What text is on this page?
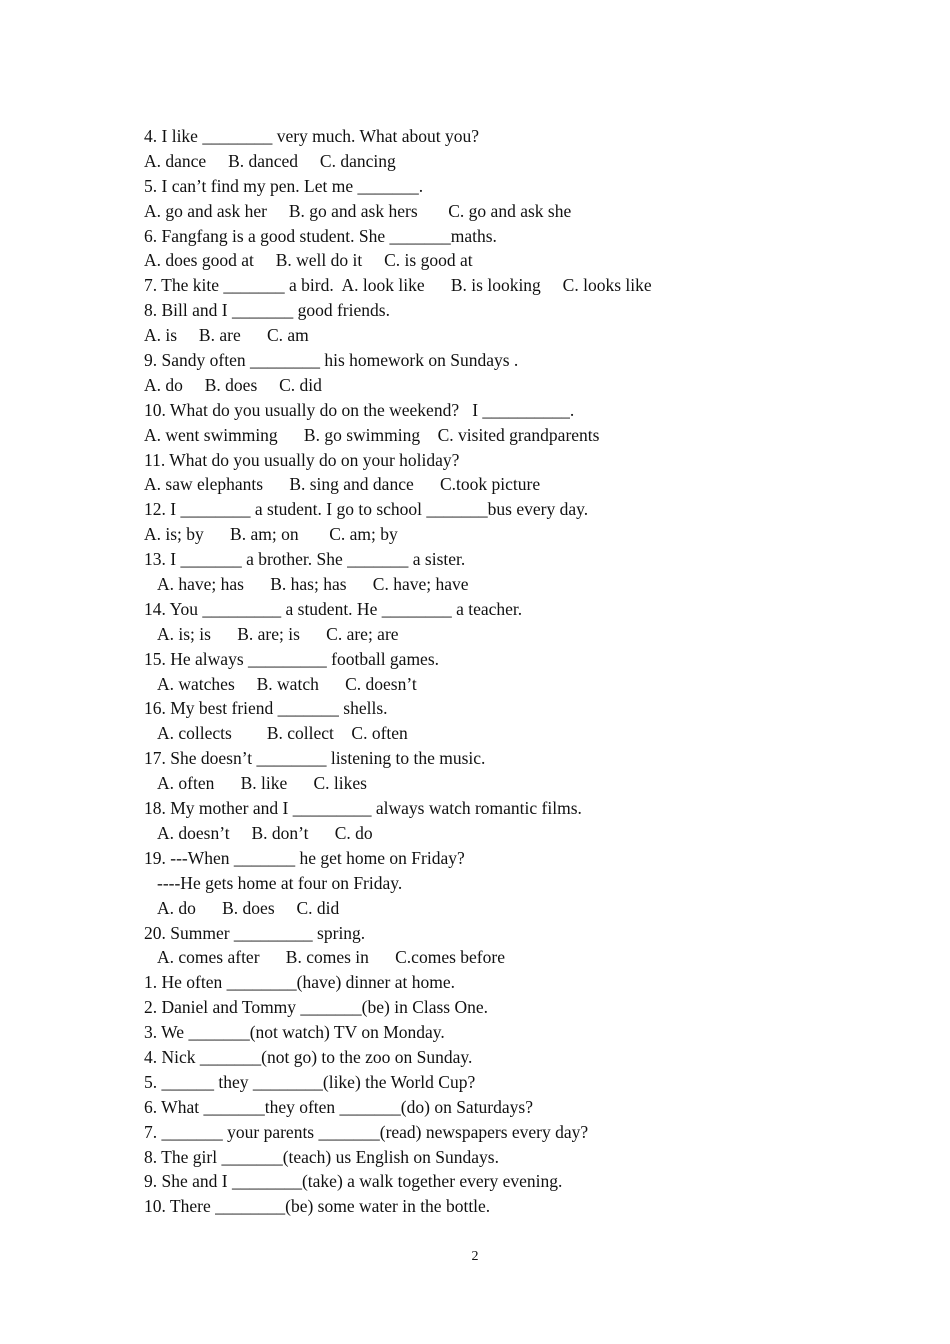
4. I like ________ very much. What about you?

A. dance     B. danced     C. dancing

5. I can’t find my pen. Let me _______.

A. go and ask her     B. go and ask hers       C. go and ask she

6. Fangfang is a good student. She _______maths.

A. does good at     B. well do it     C. is good at

7. The kite _______ a bird.  A. look like      B. is looking     C. looks like

8. Bill and I _______ good friends.

A. is     B. are      C. am

9. Sandy often ________ his homework on Sundays .

A. do     B. does     C. did

10. What do you usually do on the weekend?   I __________.

A. went swimming      B. go swimming    C. visited grandparents

11. What do you usually do on your holiday?

A. saw elephants      B. sing and dance      C.took picture

12. I ________ a student. I go to school _______bus every day.

A. is; by      B. am; on       C. am; by

13. I _______ a brother. She _______ a sister.

A. have; has      B. has; has      C. have; have

14. You _________ a student. He ________ a teacher.

A. is; is      B. are; is      C. are; are

15. He always _________ football games.

A. watches     B. watch      C. doesn’t

16. My best friend _______ shells.

A. collects        B. collect    C. often

17. She doesn’t ________ listening to the music.

A. often      B. like      C. likes

18. My mother and I _________ always watch romantic films.

A. doesn’t     B. don’t      C. do

19. ---When _______ he get home on Friday?

----He gets home at four on Friday.

A. do      B. does     C. did

20. Summer _________ spring.

A. comes after      B. comes in      C.comes before

1. He often ________(have) dinner at home.

2. Daniel and Tommy _______(be) in Class One.

3. We _______(not watch) TV on Monday.

4. Nick _______(not go) to the zoo on Sunday.

5. ______ they ________(like) the World Cup?

6. What _______they often _______(do) on Saturdays?

7. _______ your parents _______(read) newspapers every day?

8. The girl _______(teach) us English on Sundays.

9. She and I ________(take) a walk together every evening.

10. There ________(be) some water in the bottle.

2
